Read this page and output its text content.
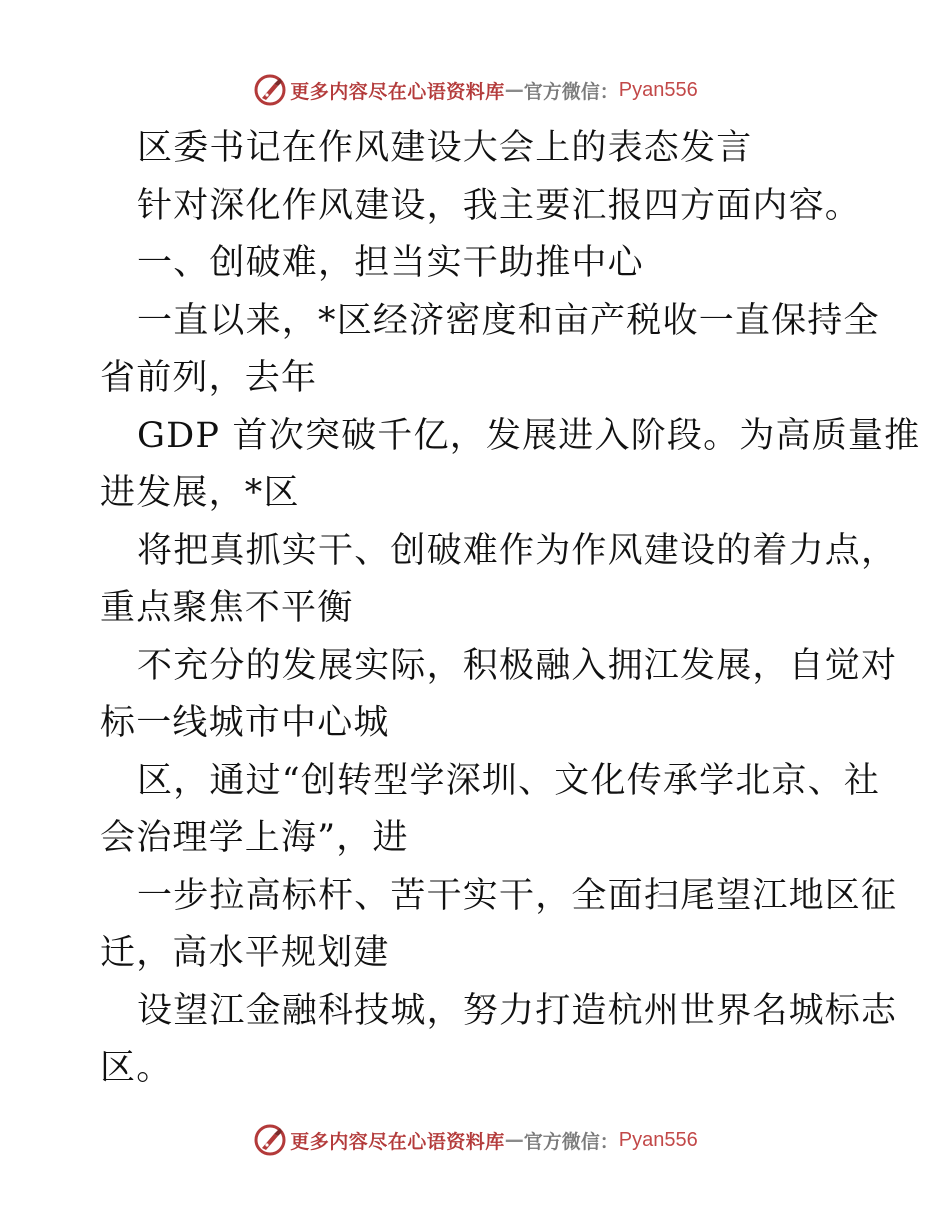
更多内容尽在心语资料库 — 官方微信： Pyan556
区委书记在作风建设大会上的表态发言
针对深化作风建设，我主要汇报四方面内容。
一、创破难，担当实干助推中心
一直以来，*区经济密度和亩产税收一直保持全
省前列，去年
GDP 首次突破千亿，发展进入阶段。为高质量推
进发展，*区
将把真抓实干、创破难作为作风建设的着力点，
重点聚焦不平衡
不充分的发展实际，积极融入拥江发展，自觉对
标一线城市中心城
区，通过“创转型学深圳、文化传承学北京、社
会治理学上海”，进
一步拉高标杆、苦干实干，全面扫尾望江地区征
迁，高水平规划建
设望江金融科技城，努力打造杭州世界名城标志
区。
更多内容尽在心语资料库 — 官方微信： Pyan556
